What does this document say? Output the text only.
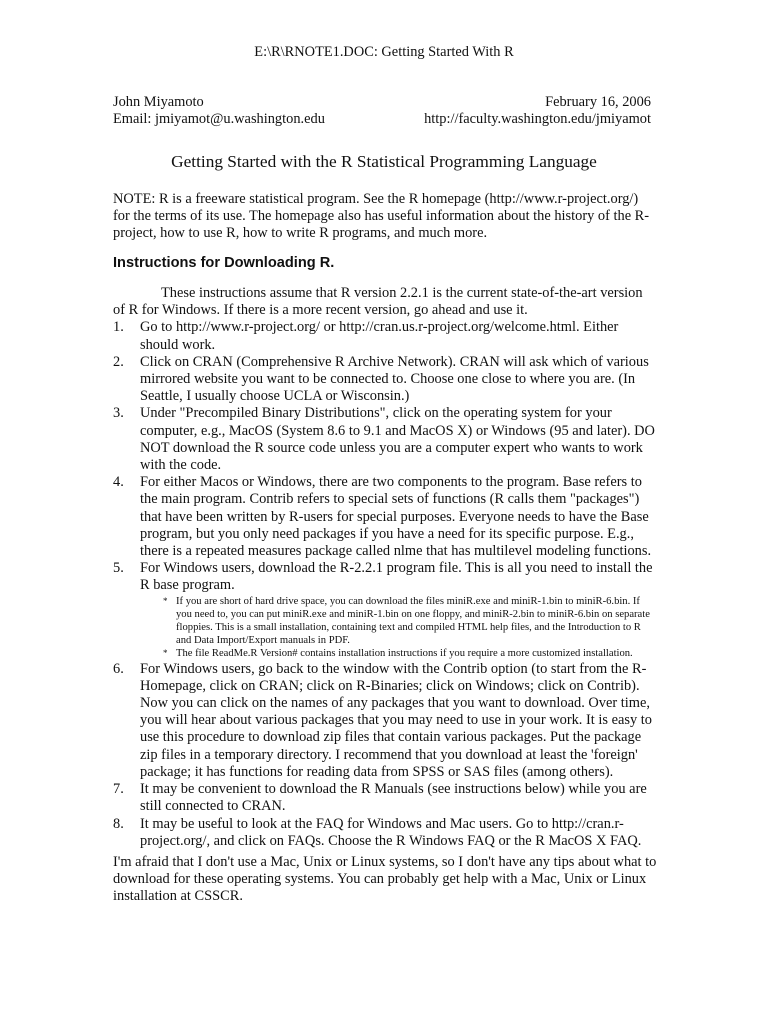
E:\R\RNOTE1.DOC: Getting Started With R
John Miyamoto	February 16, 2006
Email: jmiyamot@u.washington.edu	http://faculty.washington.edu/jmiyamot
Getting Started with the R Statistical Programming Language

NOTE: R is a freeware statistical program. See the R homepage (http://www.r-project.org/) for the terms of its use. The homepage also has useful information about the history of the R-project, how to use R, how to write R programs, and much more.

Instructions for Downloading R.

These instructions assume that R version 2.2.1 is the current state-of-the-art version of R for Windows. If there is a more recent version, go ahead and use it.

1. Go to http://www.r-project.org/ or http://cran.us.r-project.org/welcome.html. Either should work.
2. Click on CRAN (Comprehensive R Archive Network). CRAN will ask which of various mirrored website you want to be connected to. Choose one close to where you are. (In Seattle, I usually choose UCLA or Wisconsin.)
3. Under "Precompiled Binary Distributions", click on the operating system for your computer, e.g., MacOS (System 8.6 to 9.1 and MacOS X) or Windows (95 and later). DO NOT download the R source code unless you are a computer expert who wants to work with the code.
4. For either Macos or Windows, there are two components to the program. Base refers to the main program. Contrib refers to special sets of functions (R calls them "packages") that have been written by R-users for special purposes. Everyone needs to have the Base program, but you only need packages if you have a need for its specific purpose. E.g., there is a repeated measures package called nlme that has multilevel modeling functions.
5. For Windows users, download the R-2.2.1 program file. This is all you need to install the R base program.
* If you are short of hard drive space, you can download the files miniR.exe and miniR-1.bin to miniR-6.bin. If you need to, you can put miniR.exe and miniR-1.bin on one floppy, and miniR-2.bin to miniR-6.bin on separate floppies. This is a small installation, containing text and compiled HTML help files, and the Introduction to R and Data Import/Export manuals in PDF.
* The file ReadMe.R Version# contains installation instructions if you require a more customized installation.
6. For Windows users, go back to the window with the Contrib option (to start from the R-Homepage, click on CRAN; click on R-Binaries; click on Windows; click on Contrib). Now you can click on the names of any packages that you want to download. Over time, you will hear about various packages that you may need to use in your work. It is easy to use this procedure to download zip files that contain various packages. Put the package zip files in a temporary directory. I recommend that you download at least the 'foreign' package; it has functions for reading data from SPSS or SAS files (among others).
7. It may be convenient to download the R Manuals (see instructions below) while you are still connected to CRAN.
8. It may be useful to look at the FAQ for Windows and Mac users. Go to http://cran.r-project.org/, and click on FAQs. Choose the R Windows FAQ or the R MacOS X FAQ.

I'm afraid that I don't use a Mac, Unix or Linux systems, so I don't have any tips about what to download for these operating systems. You can probably get help with a Mac, Unix or Linux installation at CSSCR.
